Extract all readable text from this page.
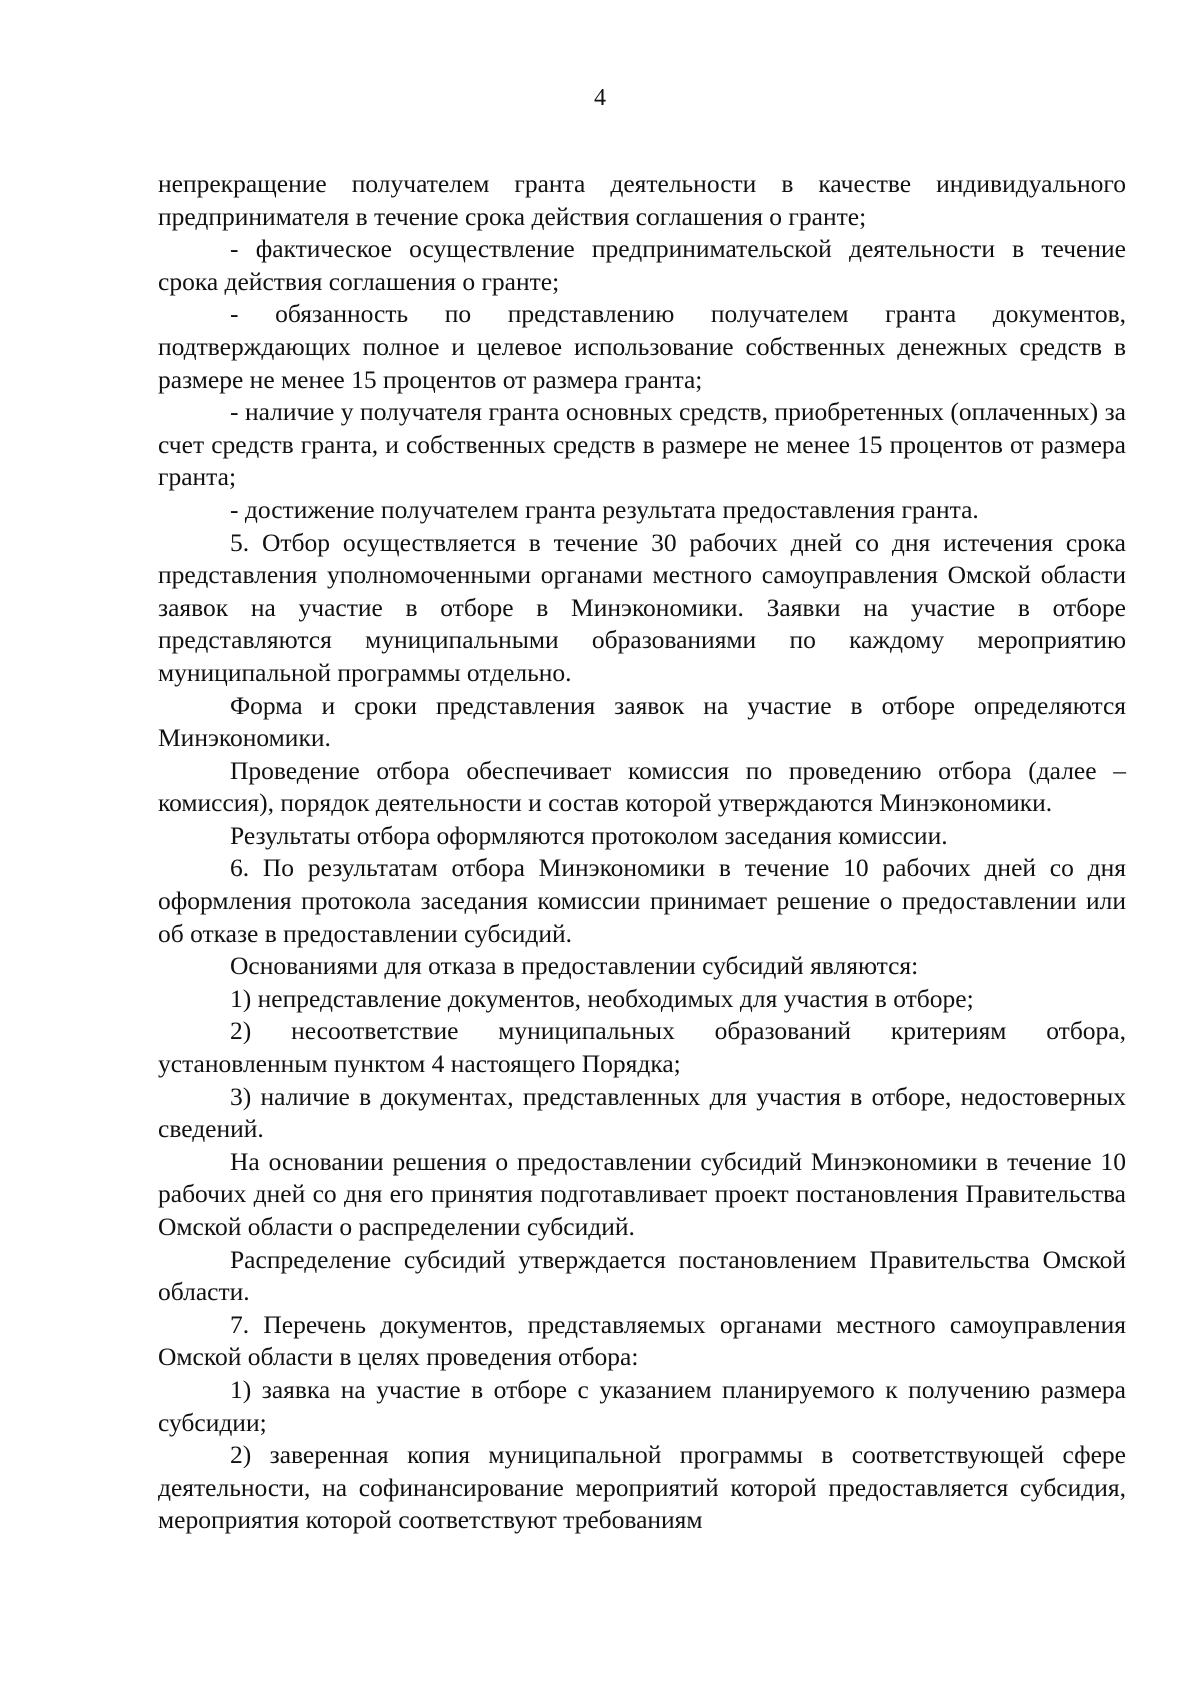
4

непрекращение получателем гранта деятельности в качестве индивидуального предпринимателя в течение срока действия соглашения о гранте;

- фактическое осуществление предпринимательской деятельности в течение срока действия соглашения о гранте;

- обязанность по представлению получателем гранта документов, подтверждающих полное и целевое использование собственных денежных средств в размере не менее 15 процентов от размера гранта;

- наличие у получателя гранта основных средств, приобретенных (оплаченных) за счет средств гранта, и собственных средств в размере не менее 15 процентов от размера гранта;

- достижение получателем гранта результата предоставления гранта.

5. Отбор осуществляется в течение 30 рабочих дней со дня истечения срока представления уполномоченными органами местного самоуправления Омской области заявок на участие в отборе в Минэкономики. Заявки на участие в отборе представляются муниципальными образованиями по каждому мероприятию муниципальной программы отдельно.

Форма и сроки представления заявок на участие в отборе определяются Минэкономики.

Проведение отбора обеспечивает комиссия по проведению отбора (далее – комиссия), порядок деятельности и состав которой утверждаются Минэкономики.

Результаты отбора оформляются протоколом заседания комиссии.

6. По результатам отбора Минэкономики в течение 10 рабочих дней со дня оформления протокола заседания комиссии принимает решение о предоставлении или об отказе в предоставлении субсидий.

Основаниями для отказа в предоставлении субсидий являются:

1) непредставление документов, необходимых для участия в отборе;

2) несоответствие муниципальных образований критериям отбора, установленным пунктом 4 настоящего Порядка;

3) наличие в документах, представленных для участия в отборе, недостоверных сведений.

На основании решения о предоставлении субсидий Минэкономики в течение 10 рабочих дней со дня его принятия подготавливает проект постановления Правительства Омской области о распределении субсидий.

Распределение субсидий утверждается постановлением Правительства Омской области.

7. Перечень документов, представляемых органами местного самоуправления Омской области в целях проведения отбора:

1) заявка на участие в отборе с указанием планируемого к получению размера субсидии;

2) заверенная копия муниципальной программы в соответствующей сфере деятельности, на софинансирование мероприятий которой предоставляется субсидия, мероприятия которой соответствуют требованиям
